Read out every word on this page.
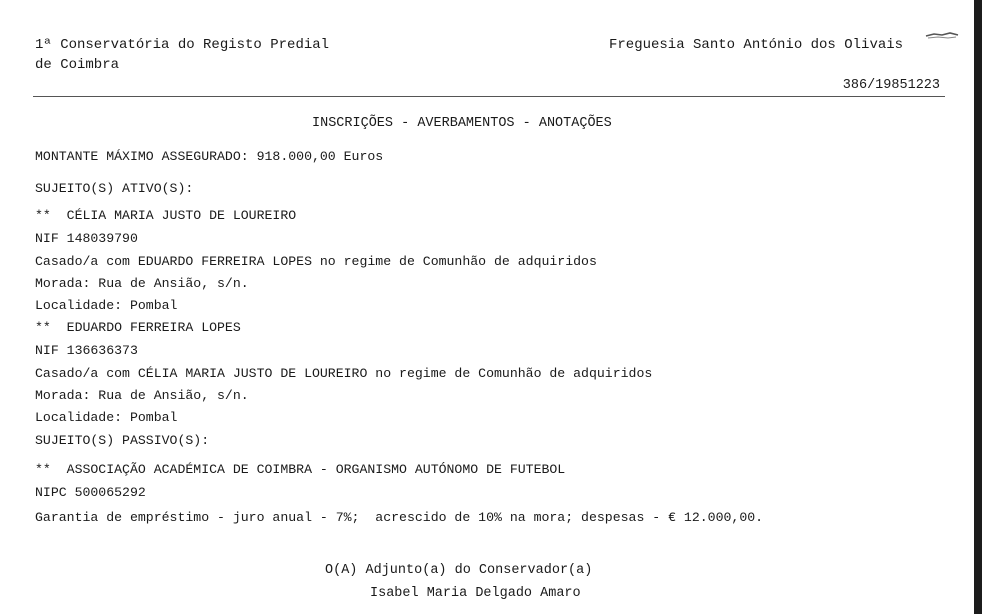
1ª Conservatória do Registo Predial
de Coimbra
Freguesia Santo António dos Olivais
386/19851223
INSCRIÇÕES - AVERBAMENTOS - ANOTAÇÕES
MONTANTE MÁXIMO ASSEGURADO: 918.000,00 Euros
SUJEITO(S) ATIVO(S):
**  CÉLIA MARIA JUSTO DE LOUREIRO
NIF 148039790
Casado/a com EDUARDO FERREIRA LOPES no regime de Comunhão de adquiridos
Morada: Rua de Ansião, s/n.
Localidade: Pombal
**  EDUARDO FERREIRA LOPES
NIF 136636373
Casado/a com CÉLIA MARIA JUSTO DE LOUREIRO no regime de Comunhão de adquiridos
Morada: Rua de Ansião, s/n.
Localidade: Pombal
SUJEITO(S) PASSIVO(S):
**  ASSOCIAÇÃO ACADÉMICA DE COIMBRA - ORGANISMO AUTÓNOMO DE FUTEBOL
NIPC 500065292
Garantia de empréstimo - juro anual - 7%;  acrescido de 10% na mora; despesas - € 12.000,00.
O(A) Adjunto(a) do Conservador(a)
Isabel Maria Delgado Amaro
